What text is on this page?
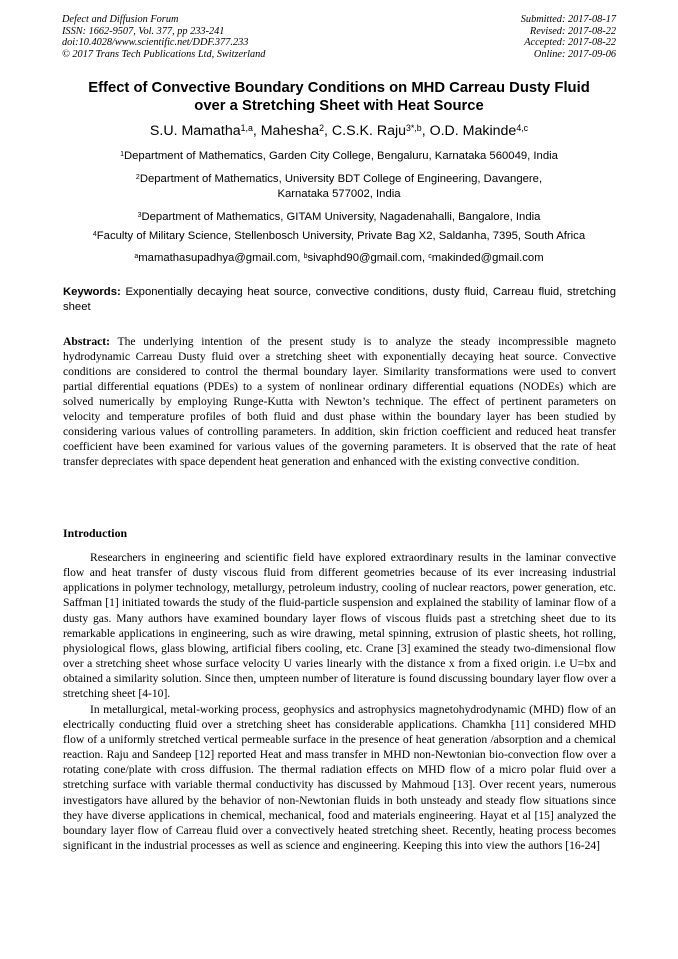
Defect and Diffusion Forum
ISSN: 1662-9507, Vol. 377, pp 233-241
doi:10.4028/www.scientific.net/DDF.377.233
© 2017 Trans Tech Publications Ltd, Switzerland
Submitted: 2017-08-17
Revised: 2017-08-22
Accepted: 2017-08-22
Online: 2017-09-06
Effect of Convective Boundary Conditions on MHD Carreau Dusty Fluid
over a Stretching Sheet with Heat Source
S.U. Mamatha$^{1,a}$, Mahesha$^2$, C.S.K. Raju$^{3*,b}$, O.D. Makinde$^{4,c}$
$^1$Department of Mathematics, Garden City College, Bengaluru, Karnataka 560049, India
$^2$Department of Mathematics, University BDT College of Engineering, Davangere,
Karnataka 577002, India
$^3$Department of Mathematics, GITAM University, Nagadenahalli, Bangalore, India
$^4$Faculty of Military Science, Stellenbosch University, Private Bag X2, Saldanha, 7395, South Africa
$^a$mamathasupadhya@gmail.com, $^b$sivaphd90@gmail.com, $^c$makinded@gmail.com
Keywords: Exponentially decaying heat source, convective conditions, dusty fluid, Carreau fluid, stretching sheet
Abstract: The underlying intention of the present study is to analyze the steady incompressible magneto hydrodynamic Carreau Dusty fluid over a stretching sheet with exponentially decaying heat source. Convective conditions are considered to control the thermal boundary layer. Similarity transformations were used to convert partial differential equations (PDEs) to a system of nonlinear ordinary differential equations (NODEs) which are solved numerically by employing Runge-Kutta with Newton’s technique. The effect of pertinent parameters on velocity and temperature profiles of both fluid and dust phase within the boundary layer has been studied by considering various values of controlling parameters. In addition, skin friction coefficient and reduced heat transfer coefficient have been examined for various values of the governing parameters. It is observed that the rate of heat transfer depreciates with space dependent heat generation and enhanced with the existing convective condition.
Introduction

Researchers in engineering and scientific field have explored extraordinary results in the laminar convective flow and heat transfer of dusty viscous fluid from different geometries because of its ever increasing industrial applications in polymer technology, metallurgy, petroleum industry, cooling of nuclear reactors, power generation, etc. Saffman [1] initiated towards the study of the fluid-particle suspension and explained the stability of laminar flow of a dusty gas. Many authors have examined boundary layer flows of viscous fluids past a stretching sheet due to its remarkable applications in engineering, such as wire drawing, metal spinning, extrusion of plastic sheets, hot rolling, physiological flows, glass blowing, artificial fibers cooling, etc. Crane [3] examined the steady two-dimensional flow over a stretching sheet whose surface velocity U varies linearly with the distance x from a fixed origin. i.e U=bx and obtained a similarity solution. Since then, umpteen number of literature is found discussing boundary layer flow over a stretching sheet [4-10].

In metallurgical, metal-working process, geophysics and astrophysics magnetohydrodynamic (MHD) flow of an electrically conducting fluid over a stretching sheet has considerable applications. Chamkha [11] considered MHD flow of a uniformly stretched vertical permeable surface in the presence of heat generation /absorption and a chemical reaction. Raju and Sandeep [12] reported Heat and mass transfer in MHD non-Newtonian bio-convection flow over a rotating cone/plate with cross diffusion. The thermal radiation effects on MHD flow of a micro polar fluid over a stretching surface with variable thermal conductivity has discussed by Mahmoud [13]. Over recent years, numerous investigators have allured by the behavior of non-Newtonian fluids in both unsteady and steady flow situations since they have diverse applications in chemical, mechanical, food and materials engineering. Hayat et al [15] analyzed the boundary layer flow of Carreau fluid over a convectively heated stretching sheet. Recently, heating process becomes significant in the industrial processes as well as science and engineering. Keeping this into view the authors [16-24]
